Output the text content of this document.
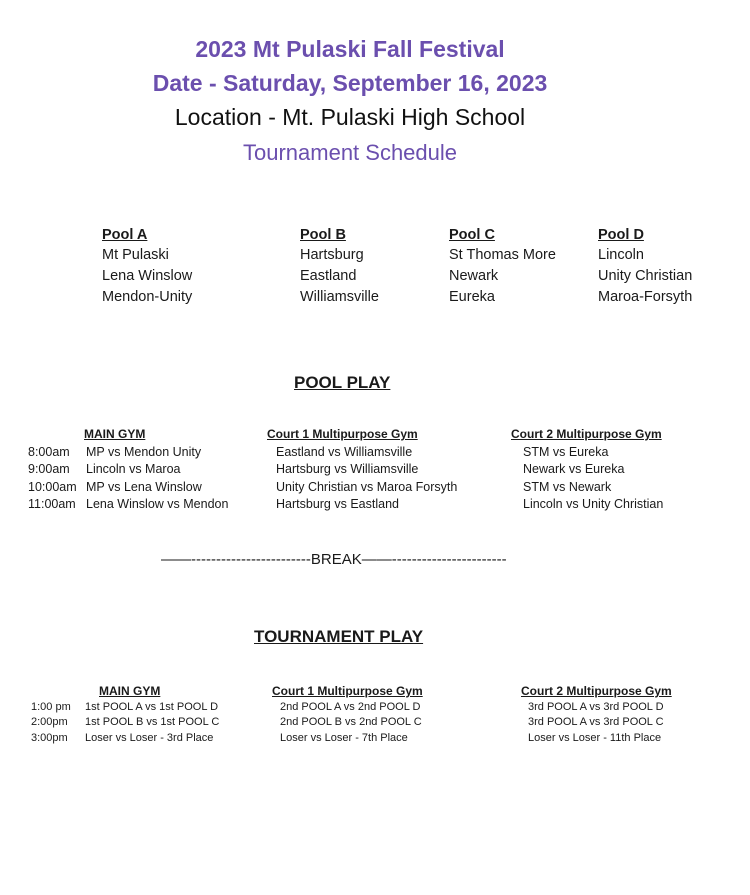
2023 Mt Pulaski Fall Festival
Date - Saturday, September 16, 2023
Location - Mt. Pulaski High School
Tournament Schedule
Pool A
Mt Pulaski
Lena Winslow
Mendon-Unity
Pool B
Hartsburg
Eastland
Williamsville
Pool C
St Thomas More
Newark
Eureka
Pool D
Lincoln
Unity Christian
Maroa-Forsyth
POOL PLAY
MAIN GYM	Court 1 Multipurpose Gym	Court 2 Multipurpose Gym
8:00am MP vs Mendon Unity	Eastland vs Williamsville	STM vs Eureka
9:00am Lincoln vs Maroa	Hartsburg vs Williamsville	Newark vs Eureka
10:00am MP vs Lena Winslow	Unity Christian vs Maroa Forsyth	STM vs Newark
11:00am Lena Winslow vs Mendon	Hartsburg vs Eastland	Lincoln vs Unity Christian
——------------------------BREAK——-----------------------
TOURNAMENT PLAY
MAIN GYM	Court 1 Multipurpose Gym	Court 2 Multipurpose Gym
1:00 pm 1st POOL A vs 1st POOL D	2nd POOL A vs 2nd POOL D	3rd POOL A vs 3rd POOL D
2:00pm 1st POOL B vs 1st POOL C	2nd POOL B vs 2nd POOL C	3rd POOL A vs 3rd POOL C
3:00pm Loser vs Loser - 3rd Place	Loser vs Loser - 7th Place	Loser vs Loser - 11th Place
